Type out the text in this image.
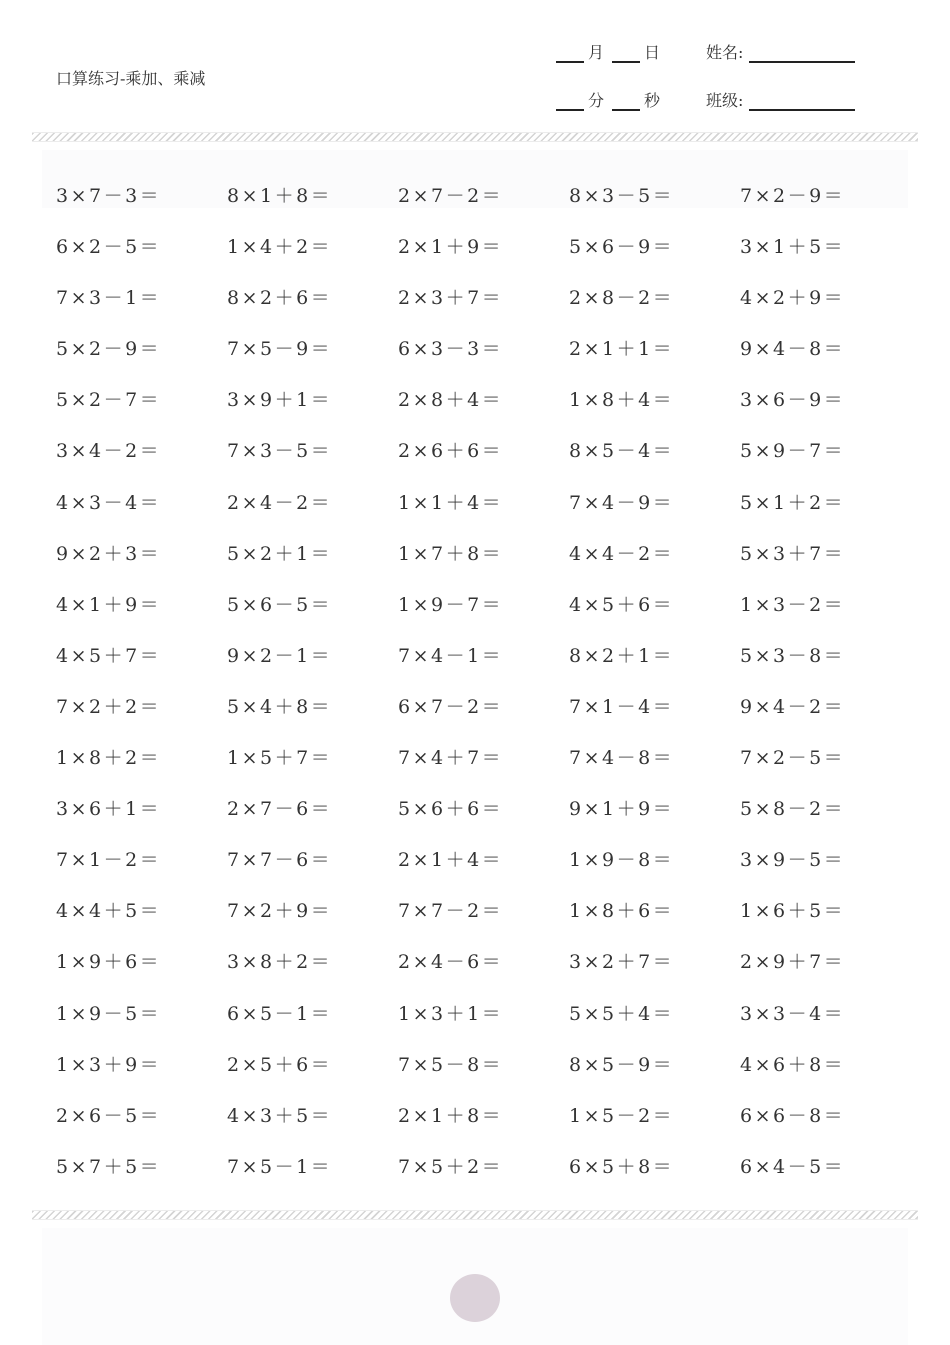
口算练习-乘加、乘减
月	日	姓名:
分	秒	班级:
3×7－3＝	8×1＋8＝	2×7－2＝	8×3－5＝	7×2－9＝
6×2－5＝	1×4＋2＝	2×1＋9＝	5×6－9＝	3×1＋5＝
7×3－1＝	8×2＋6＝	2×3＋7＝	2×8－2＝	4×2＋9＝
5×2－9＝	7×5－9＝	6×3－3＝	2×1＋1＝	9×4－8＝
5×2－7＝	3×9＋1＝	2×8＋4＝	1×8＋4＝	3×6－9＝
3×4－2＝	7×3－5＝	2×6＋6＝	8×5－4＝	5×9－7＝
4×3－4＝	2×4－2＝	1×1＋4＝	7×4－9＝	5×1＋2＝
9×2＋3＝	5×2＋1＝	1×7＋8＝	4×4－2＝	5×3＋7＝
4×1＋9＝	5×6－5＝	1×9－7＝	4×5＋6＝	1×3－2＝
4×5＋7＝	9×2－1＝	7×4－1＝	8×2＋1＝	5×3－8＝
7×2＋2＝	5×4＋8＝	6×7－2＝	7×1－4＝	9×4－2＝
1×8＋2＝	1×5＋7＝	7×4＋7＝	7×4－8＝	7×2－5＝
3×6＋1＝	2×7－6＝	5×6＋6＝	9×1＋9＝	5×8－2＝
7×1－2＝	7×7－6＝	2×1＋4＝	1×9－8＝	3×9－5＝
4×4＋5＝	7×2＋9＝	7×7－2＝	1×8＋6＝	1×6＋5＝
1×9＋6＝	3×8＋2＝	2×4－6＝	3×2＋7＝	2×9＋7＝
1×9－5＝	6×5－1＝	1×3＋1＝	5×5＋4＝	3×3－4＝
1×3＋9＝	2×5＋6＝	7×5－8＝	8×5－9＝	4×6＋8＝
2×6－5＝	4×3＋5＝	2×1＋8＝	1×5－2＝	6×6－8＝
5×7＋5＝	7×5－1＝	7×5＋2＝	6×5＋8＝	6×4－5＝
